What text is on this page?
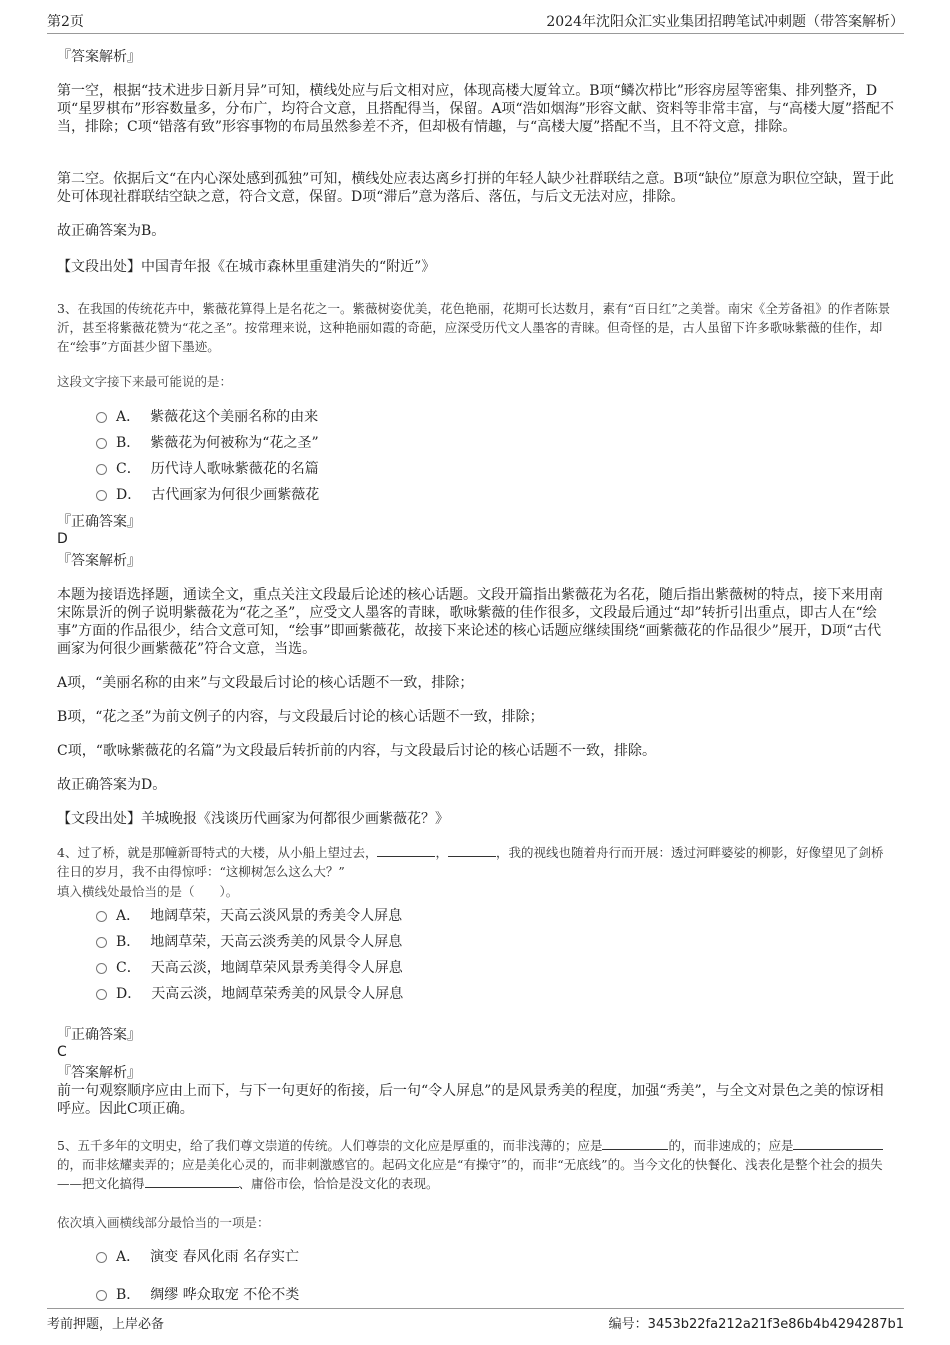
第2页	2024年沈阳众汇实业集团招聘笔试冲刺题（带答案解析）
『答案解析』

第一空，根据“技术进步日新月异”可知，横线处应与后文相对应，体现高楼大厦耸立。B项“鳞次栉比”形容房屋等密集、排列整齐，D项“星罗棋布”形容数量多，分布广，均符合文意，且搭配得当，保留。A项“浩如烟海”形容文献、资料等非常丰富，与“高楼大厦”搭配不当，排除；C项“错落有致”形容事物的布局虽然参差不齐，但却极有情趣，与“高楼大厦”搭配不当，且不符文意，排除。

第二空。依据后文“在内心深处感到孤独”可知，横线处应表达离乡打拼的年轻人缺少社群联结之意。B项“缺位”原意为职位空缺，置于此处可体现社群联结空缺之意，符合文意，保留。D项“滞后”意为落后、落伍，与后文无法对应，排除。

故正确答案为B。
【文段出处】中国青年报《在城市森林里重建消失的“附近”》

3、在我国的传统花卉中，紫薇花算得上是名花之一。紫薇树姿优美，花色艳丽，花期可长达数月，素有“百日红”之美誉。南宋《全芳备祖》的作者陈景沂，甚至将紫薇花赞为“花之圣”。按常理来说，这种艳丽如霞的奇葩，应深受历代文人墨客的青睐。但奇怪的是，古人虽留下许多歌咏紫薇的佳作，却在“绘事”方面甚少留下墨迹。

这段文字接下来最可能说的是：
A． 紫薇花这个美丽名称的由来
B． 紫薇花为何被称为“花之圣”
C． 历代诗人歌咏紫薇花的名篇
D． 古代画家为何很少画紫薇花
『正确答案』
D
『答案解析』

本题为接语选择题，通读全文，重点关注文段最后论述的核心话题。文段开篇指出紫薇花为名花，随后指出紫薇树的特点，接下来用南宋陈景沂的例子说明紫薇花为“花之圣”，应受文人墨客的青睐，歌咏紫薇的佳作很多，文段最后通过“却”转折引出重点，即古人在“绘事”方面的作品很少，结合文意可知，“绘事”即画紫薇花，故接下来论述的核心话题应继续围绕“画紫薇花的作品很少”展开，D项“古代画家为何很少画紫薇花”符合文意，当选。

A项，“美丽名称的由来”与文段最后讨论的核心话题不一致，排除；
B项，“花之圣”为前文例子的内容，与文段最后讨论的核心话题不一致，排除；
C项，“歌咏紫薇花的名篇”为文段最后转折前的内容，与文段最后讨论的核心话题不一致，排除。
故正确答案为D。
【文段出处】羊城晚报《浅谈历代画家为何都很少画紫薇花？》

4、过了桥，就是那幢新哥特式的大楼，从小船上望过去，	，	，我的视线也随着舟行而开展：透过河畔婆娑的柳影，好像望见了剑桥往日的岁月，我不由得惊呼：“这柳树怎么这么大？”

填入横线处最恰当的是（　　）。
A． 地阔草荣，天高云淡风景的秀美令人屏息
B． 地阔草荣，天高云淡秀美的风景令人屏息
C． 天高云淡，地阔草荣风景秀美得令人屏息
D． 天高云淡，地阔草荣秀美的风景令人屏息
『正确答案』
C
『答案解析』

前一句观察顺序应由上而下，与下一句更好的衔接，后一句“令人屏息”的是风景秀美的程度，加强“秀美”，与全文对景色之美的惊讶相呼应。因此C项正确。

5、五千多年的文明史，给了我们尊文崇道的传统。人们尊崇的文化应是厚重的，而非浅薄的；应是	的，而非速成的；应是的，而非炫耀卖弄的；应是美化心灵的，而非刺激感官的。起码文化应是“有操守”的，而非“无底线”的。当今文化的快餐化、浅表化是整个社会的损失——把文化搞得	、庸俗市侩，恰恰是没文化的表现。

依次填入画横线部分最恰当的一项是：
A． 演变 春风化雨 名存实亡
B． 绸缪 哗众取宠 不伦不类
考前押题，上岸必备	编号：3453b22fa212a21f3e86b4b4294287b1
